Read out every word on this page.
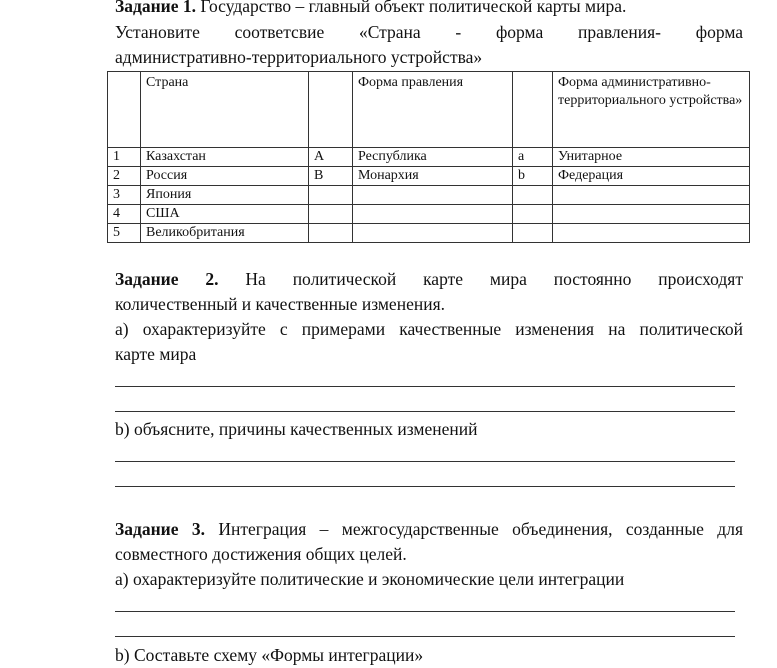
Задание 1. Государство – главный объект политической карты мира.
Установите соответсвие «Страна - форма правления- форма
административно-территориального устройства»
	Страна		Форма правления		Форма административно-территориального устройства»
1	Казахстан	А	Республика	a	Унитарное
2	Россия	В	Монархия	b	Федерация
3	Япония				
4	США				
5	Великобритания				
Задание 2. На политической карте мира постоянно происходят
количественный и качественные изменения.
а) охарактеризуйте с примерами качественные изменения на политической
карте мира
b) объясните, причины качественных изменений
Задание 3. Интеграция – межгосударственные объединения, созданные для
совместного достижения общих целей.
а) охарактеризуйте политические и экономические цели интеграции
b) Составьте схему «Формы интеграции»
